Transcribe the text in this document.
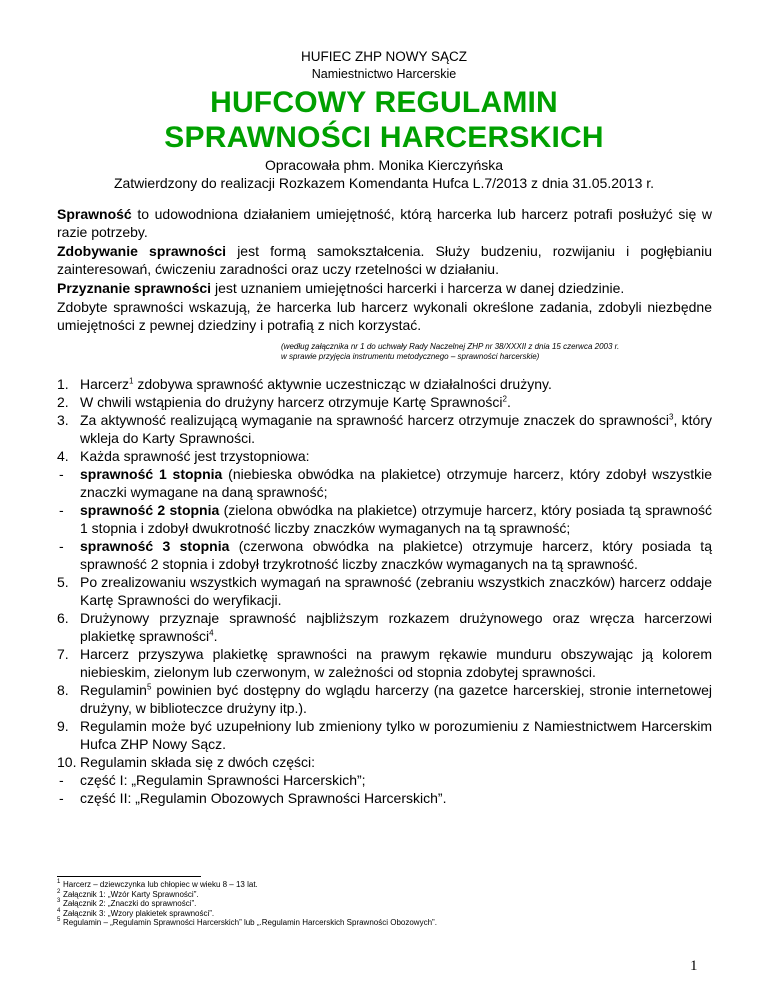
HUFIEC ZHP NOWY SĄCZ
Namiestnictwo Harcerskie
HUFCOWY REGULAMIN
SPRAWNOŚCI HARCERSKICH
Opracowała phm. Monika Kierczyńska
Zatwierdzony do realizacji Rozkazem Komendanta Hufca L.7/2013 z dnia 31.05.2013 r.
Sprawność to udowodniona działaniem umiejętność, którą harcerka lub harcerz potrafi posłużyć się w razie potrzeby.
Zdobywanie sprawności jest formą samokształcenia. Służy budzeniu, rozwijaniu i pogłębianiu zainteresowań, ćwiczeniu zaradności oraz uczy rzetelności w działaniu.
Przyznanie sprawności jest uznaniem umiejętności harcerki i harcerza w danej dziedzinie.
Zdobyte sprawności wskazują, że harcerka lub harcerz wykonali określone zadania, zdobyli niezbędne umiejętności z pewnej dziedziny i potrafią z nich korzystać.
(według załącznika nr 1 do uchwały Rady Naczelnej ZHP nr 38/XXXII z dnia 15 czerwca 2003 r.
w sprawie przyjęcia instrumentu metodycznego – sprawności harcerskie)
1. Harcerz$^1$ zdobywa sprawność aktywnie uczestnicząc w działalności drużyny.
2. W chwili wstąpienia do drużyny harcerz otrzymuje Kartę Sprawności$^2$.
3. Za aktywność realizującą wymaganie na sprawność harcerz otrzymuje znaczek do sprawności$^3$, który wkleja do Karty Sprawności.
4. Każda sprawność jest trzystopniowa:
- sprawność 1 stopnia (niebieska obwódka na plakietce) otrzymuje harcerz, który zdobył wszystkie znaczki wymagane na daną sprawność;
- sprawność 2 stopnia (zielona obwódka na plakietce) otrzymuje harcerz, który posiada tą sprawność 1 stopnia i zdobył dwukrotność liczby znaczków wymaganych na tą sprawność;
- sprawność 3 stopnia (czerwona obwódka na plakietce) otrzymuje harcerz, który posiada tą sprawność 2 stopnia i zdobył trzykrotność liczby znaczków wymaganych na tą sprawność.
5. Po zrealizowaniu wszystkich wymagań na sprawność (zebraniu wszystkich znaczków) harcerz oddaje Kartę Sprawności do weryfikacji.
6. Drużynowy przyznaje sprawność najbliższym rozkazem drużynowego oraz wręcza harcerzowi plakietkę sprawności$^4$.
7. Harcerz przyszywa plakietkę sprawności na prawym rękawie munduru obszywając ją kolorem niebieskim, zielonym lub czerwonym, w zależności od stopnia zdobytej sprawności.
8. Regulamin$^5$ powinien być dostępny do wglądu harcerzy (na gazetce harcerskiej, stronie internetowej drużyny, w biblioteczce drużyny itp.).
9. Regulamin może być uzupełniony lub zmieniony tylko w porozumieniu z Namiestnictwem Harcerskim Hufca ZHP Nowy Sącz.
10. Regulamin składa się z dwóch części:
- część I: „Regulamin Sprawności Harcerskich”;
- część II: „Regulamin Obozowych Sprawności Harcerskich”.
1 Harcerz – dziewczynka lub chłopiec w wieku 8 – 13 lat.
2 Załącznik 1: „Wzór Karty Sprawności”.
3 Załącznik 2: „Znaczki do sprawności”.
4 Załącznik 3: „Wzory plakietek sprawności”.
5 Regulamin – „Regulamin Sprawności Harcerskich” lub „.Regulamin Harcerskich Sprawności Obozowych”.
1
